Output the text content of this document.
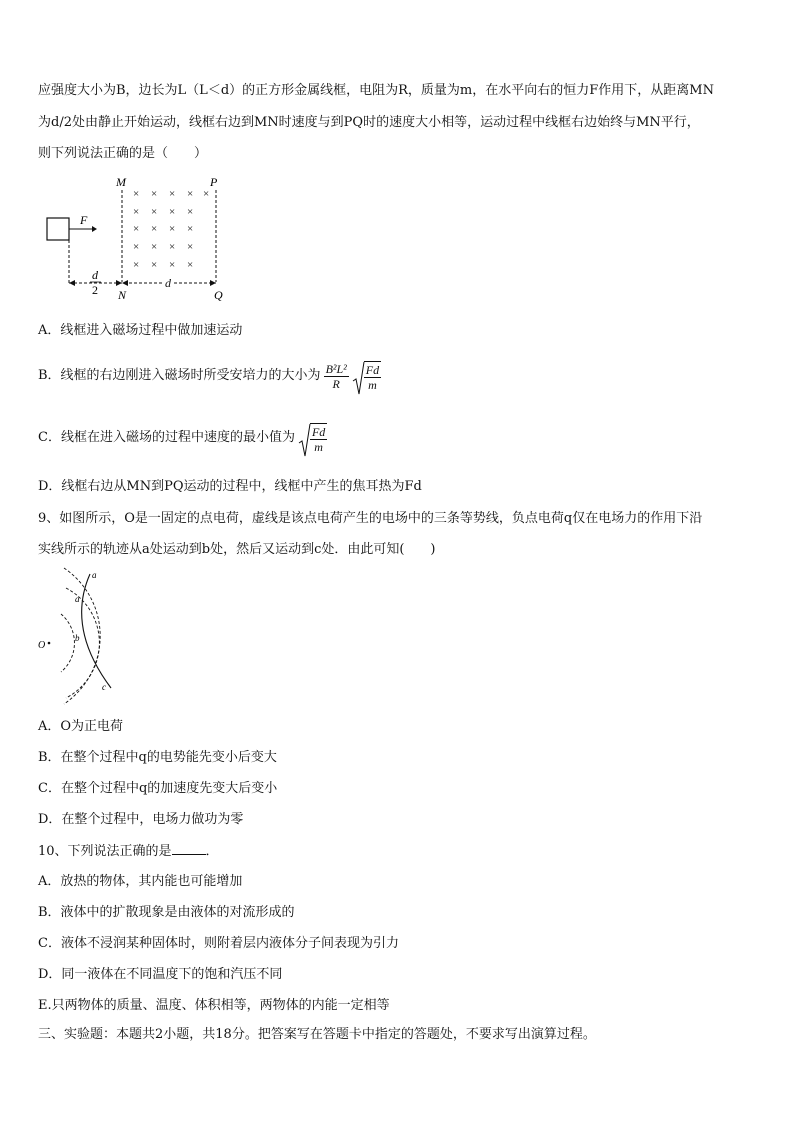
应强度大小为B，边长为L（L＜d）的正方形金属线框，电阻为R，质量为m，在水平向右的恒力F作用下，从距离MN
为d/2处由静止开始运动，线框右边到MN时速度与到PQ时的速度大小相等，运动过程中线框右边始终与MN平行，
则下列说法正确的是（　　）
M	P
× × × × ×
× × × ×
× × × ×
× × × ×
× × × ×
F
d
2	d
N	Q
A．线框进入磁场过程中做加速运动
B．线框的右边刚进入磁场时所受安培力的大小为 $\frac{\text{B²L²}}{R} \frac{Fd}{m}$
C．线框在进入磁场的过程中速度的最小值为 $\frac{Fd}{m}$
D．线框右边从MN到PQ运动的过程中，线框中产生的焦耳热为Fd
9、如图所示，O是一固定的点电荷，虚线是该点电荷产生的电场中的三条等势线，负点电荷q仅在电场力的作用下沿
实线所示的轨迹从a处运动到b处，然后又运动到c处．由此可知(　　)
O
a
a
b
c
A．O为正电荷
B．在整个过程中q的电势能先变小后变大
C．在整个过程中q的加速度先变大后变小
D．在整个过程中，电场力做功为零
10、下列说法正确的是	．
A．放热的物体，其内能也可能增加
B．液体中的扩散现象是由液体的对流形成的
C．液体不浸润某种固体时，则附着层内液体分子间表现为引力
D．同一液体在不同温度下的饱和汽压不同
E.只两物体的质量、温度、体积相等，两物体的内能一定相等
三、实验题：本题共2小题，共18分。把答案写在答题卡中指定的答题处，不要求写出演算过程。
